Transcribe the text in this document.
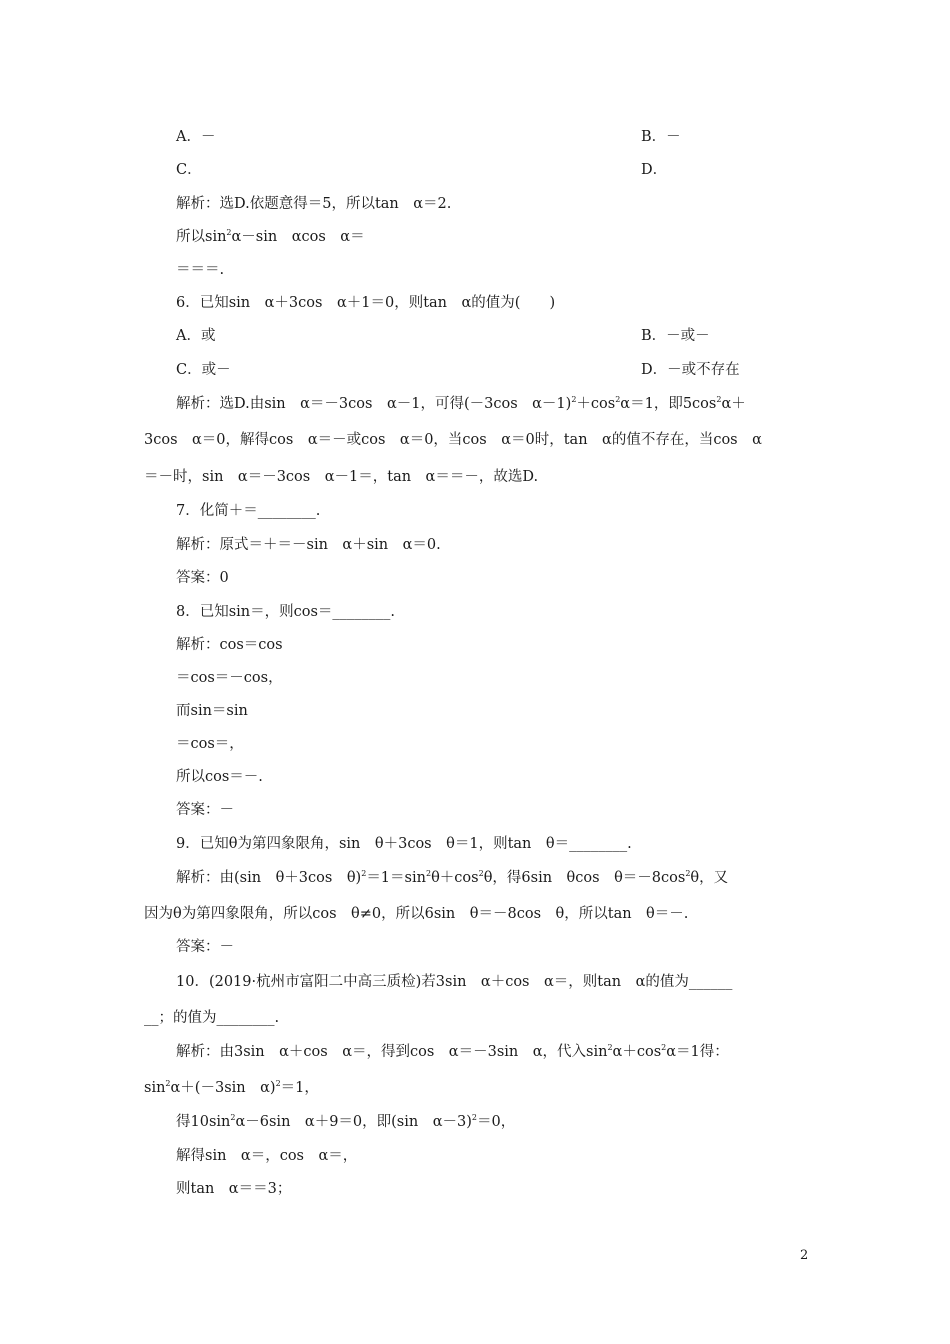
A．－	B．－
C．	D．
解析：选D.依题意得＝5，所以tan　α＝2.
所以$\sin^2\alpha-\sin$　αcos　α＝
＝＝＝.
6．已知sin　α＋3cos　α＋1＝0，则tan　α的值为(　　)
A．或	B．－或－
C．或－	D．－或不存在
解析：选D.由sin　α＝－3cos　α－1，可得(－3cos　$\alpha-1)^2+\cos^2\alpha=1$，即$5\cos^2\alpha+$
3cos　α＝0，解得cos　α＝－或cos　α＝0，当cos　α＝0时，tan　α的值不存在，当cos　α
＝－时，sin　α＝－3cos　α－1＝，tan　α＝＝－，故选D.
7．化简＋＝________.
解析：原式＝＋＝－sin　α＋sin　α＝0.
答案：0
8．已知sin＝，则cos＝________.
解析：cos＝cos
＝cos＝－cos，
而sin＝sin
＝cos＝，
所以cos＝－.
答案：－
9．已知θ为第四象限角，sin　θ＋3cos　θ＝1，则tan　θ＝________.
解析：由(sin　θ＋3cos　$\theta)^2=1=\sin^2\theta+\cos^2\theta$，得6sin　θcos　$\theta=-8\cos^2\theta$，又
因为θ为第四象限角，所以cos　θ≠0，所以6sin　θ＝－8cos　θ，所以tan　θ＝－.
答案：－
10．(2019·杭州市富阳二中高三质检)若3sin　α＋cos　α＝，则tan　α的值为______
__；的值为________.
解析：由3sin　α＋cos　α＝，得到cos　α＝－3sin　α，代入$\sin^2\alpha+\cos^2\alpha=1$得：
$\sin^2\alpha+(-3\sin$　α)$^2$＝1，
得$10\sin^2\alpha-6\sin$　α＋9＝0，即(sin　α－3)$^2$＝0，
解得sin　α＝，cos　α＝，
则tan　α＝＝3；
2
